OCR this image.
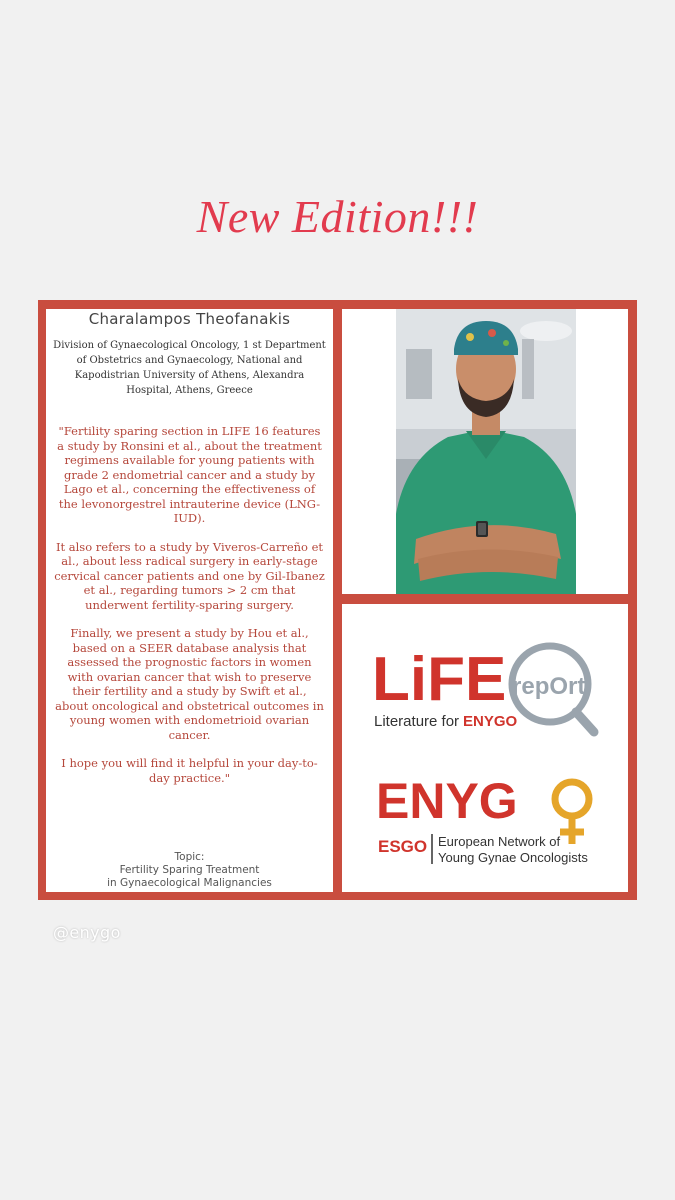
New Edition!!!
Charalampos Theofanakis
Division of Gynaecological Oncology, 1 st Department of Obstetrics and Gynaecology, National and Kapodistrian University of Athens, Alexandra Hospital, Athens, Greece
"Fertility sparing section in LIFE 16 features a study by Ronsini et al., about the treatment regimens available for young patients with grade 2 endometrial cancer and a study by Lago et al., concerning the effectiveness of the levonorgestrel intrauterine device (LNG-IUD).
It also refers to a study by Viveros-Carreño et al., about less radical surgery in early-stage cervical cancer patients and one by Gil-Ibanez et al., regarding tumors > 2 cm that underwent fertility-sparing surgery.
Finally, we present a study by Hou et al., based on a SEER database analysis that assessed the prognostic factors in women with ovarian cancer that wish to preserve their fertility and a study by Swift et al., about oncological and obstetrical outcomes in young women with endometrioid ovarian cancer.
I hope you will find it helpful in your day-to-day practice."
Topic:
Fertility Sparing Treatment
in Gynaecological Malignancies
LiFE repOrt
Literature for ENYGO
ENYG
ESGO European Network of
Young Gynae Oncologists
@enygo
